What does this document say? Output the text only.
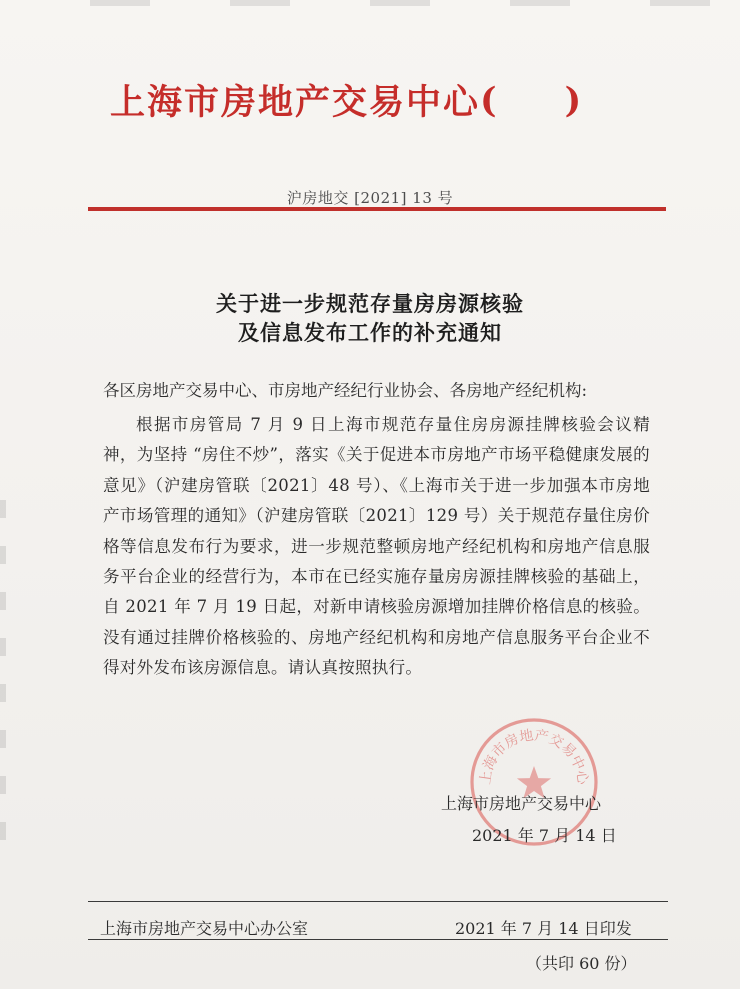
上海市房地产交易中心 ( )
沪房地交 [2021] 13 号
关于进一步规范存量房房源核验
及信息发布工作的补充通知
各区房地产交易中心、市房地产经纪行业协会、各房地产经纪机构:
根据市房管局 7 月 9 日上海市规范存量住房房源挂牌核验会议精神，为坚持 “房住不炒”，落实《关于促进本市房地产市场平稳健康发展的意见》（沪建房管联〔2021〕48 号）、《上海市关于进一步加强本市房地产市场管理的通知》（沪建房管联〔2021〕129 号）关于规范存量住房价格等信息发布行为要求，进一步规范整顿房地产经纪机构和房地产信息服务平台企业的经营行为，本市在已经实施存量房房源挂牌核验的基础上，自 2021 年 7 月 19 日起，对新申请核验房源增加挂牌价格信息的核验。没有通过挂牌价格核验的、房地产经纪机构和房地产信息服务平台企业不得对外发布该房源信息。请认真按照执行。
上海市房地产交易中心
上海市房地产交易中心
2021 年 7 月 14 日
上海市房地产交易中心办公室	2021 年 7 月 14 日印发
（共印 60 份）
